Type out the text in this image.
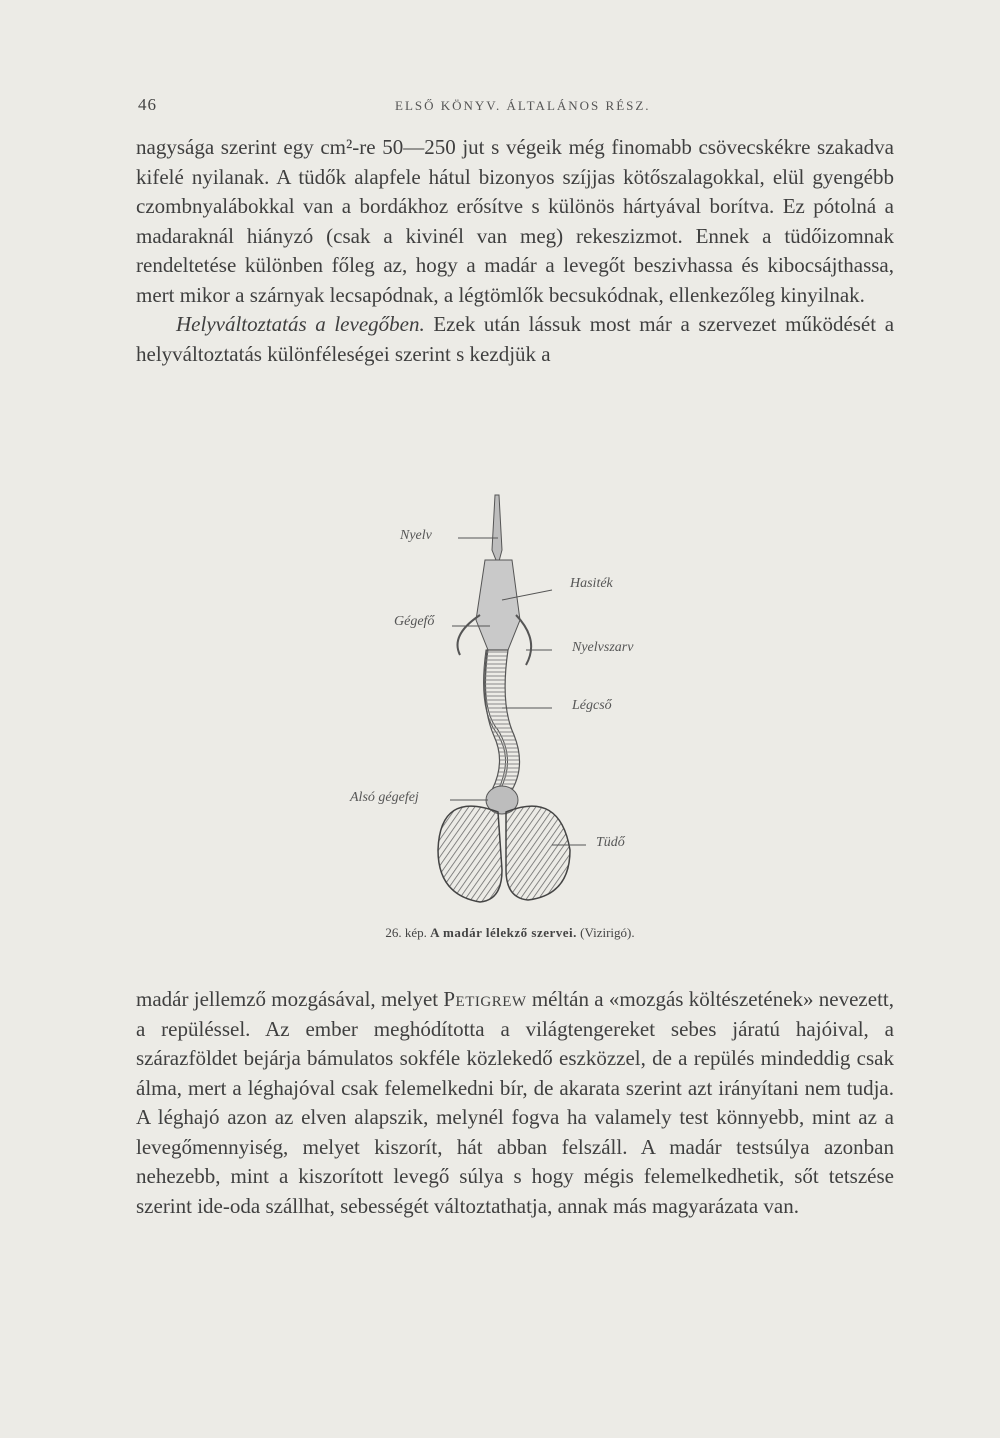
46	ELSŐ KÖNYV. ÁLTALÁNOS RÉSZ.

nagysága szerint egy cm²-re 50—250 jut s végeik még finomabb csövecskékre szakadva kifelé nyilanak. A tüdők alapfele hátul bizonyos szíjjas kötőszalagokkal, elül gyengébb czombnyalábokkal van a bordákhoz erősítve s különös hártyával borítva. Ez pótolná a madaraknál hiányzó (csak a kivinél van meg) rekeszizmot. Ennek a tüdőizomnak rendeltetése különben főleg az, hogy a madár a levegőt beszivhassa és kibocsájthassa, mert mikor a szárnyak lecsapódnak, a légtömlők becsukódnak, ellenkezőleg kinyilnak.

Helyváltoztatás a levegőben. Ezek után lássuk most már a szervezet működését a helyváltoztatás különféleségei szerint s kezdjük a

Nyelv
Hasiték
Gégefő
Nyelvszarv
Légcső
Alsó gégefej
Tüdő
26. kép. A madár lélekző szervei. (Vizirigó).

madár jellemző mozgásával, melyet Petigrew méltán a «mozgás költészetének» nevezett, a repüléssel. Az ember meghódította a világtengereket sebes járatú hajóival, a szárazföldet bejárja bámulatos sokféle közlekedő eszközzel, de a repülés mindeddig csak álma, mert a léghajóval csak felemelkedni bír, de akarata szerint azt irányítani nem tudja. A léghajó azon az elven alapszik, melynél fogva ha valamely test könnyebb, mint az a levegőmennyiség, melyet kiszorít, hát abban felszáll. A madár testsúlya azonban nehezebb, mint a kiszorított levegő súlya s hogy mégis felemelkedhetik, sőt tetszése szerint ide-oda szállhat, sebességét változtathatja, annak más magyarázata van.
